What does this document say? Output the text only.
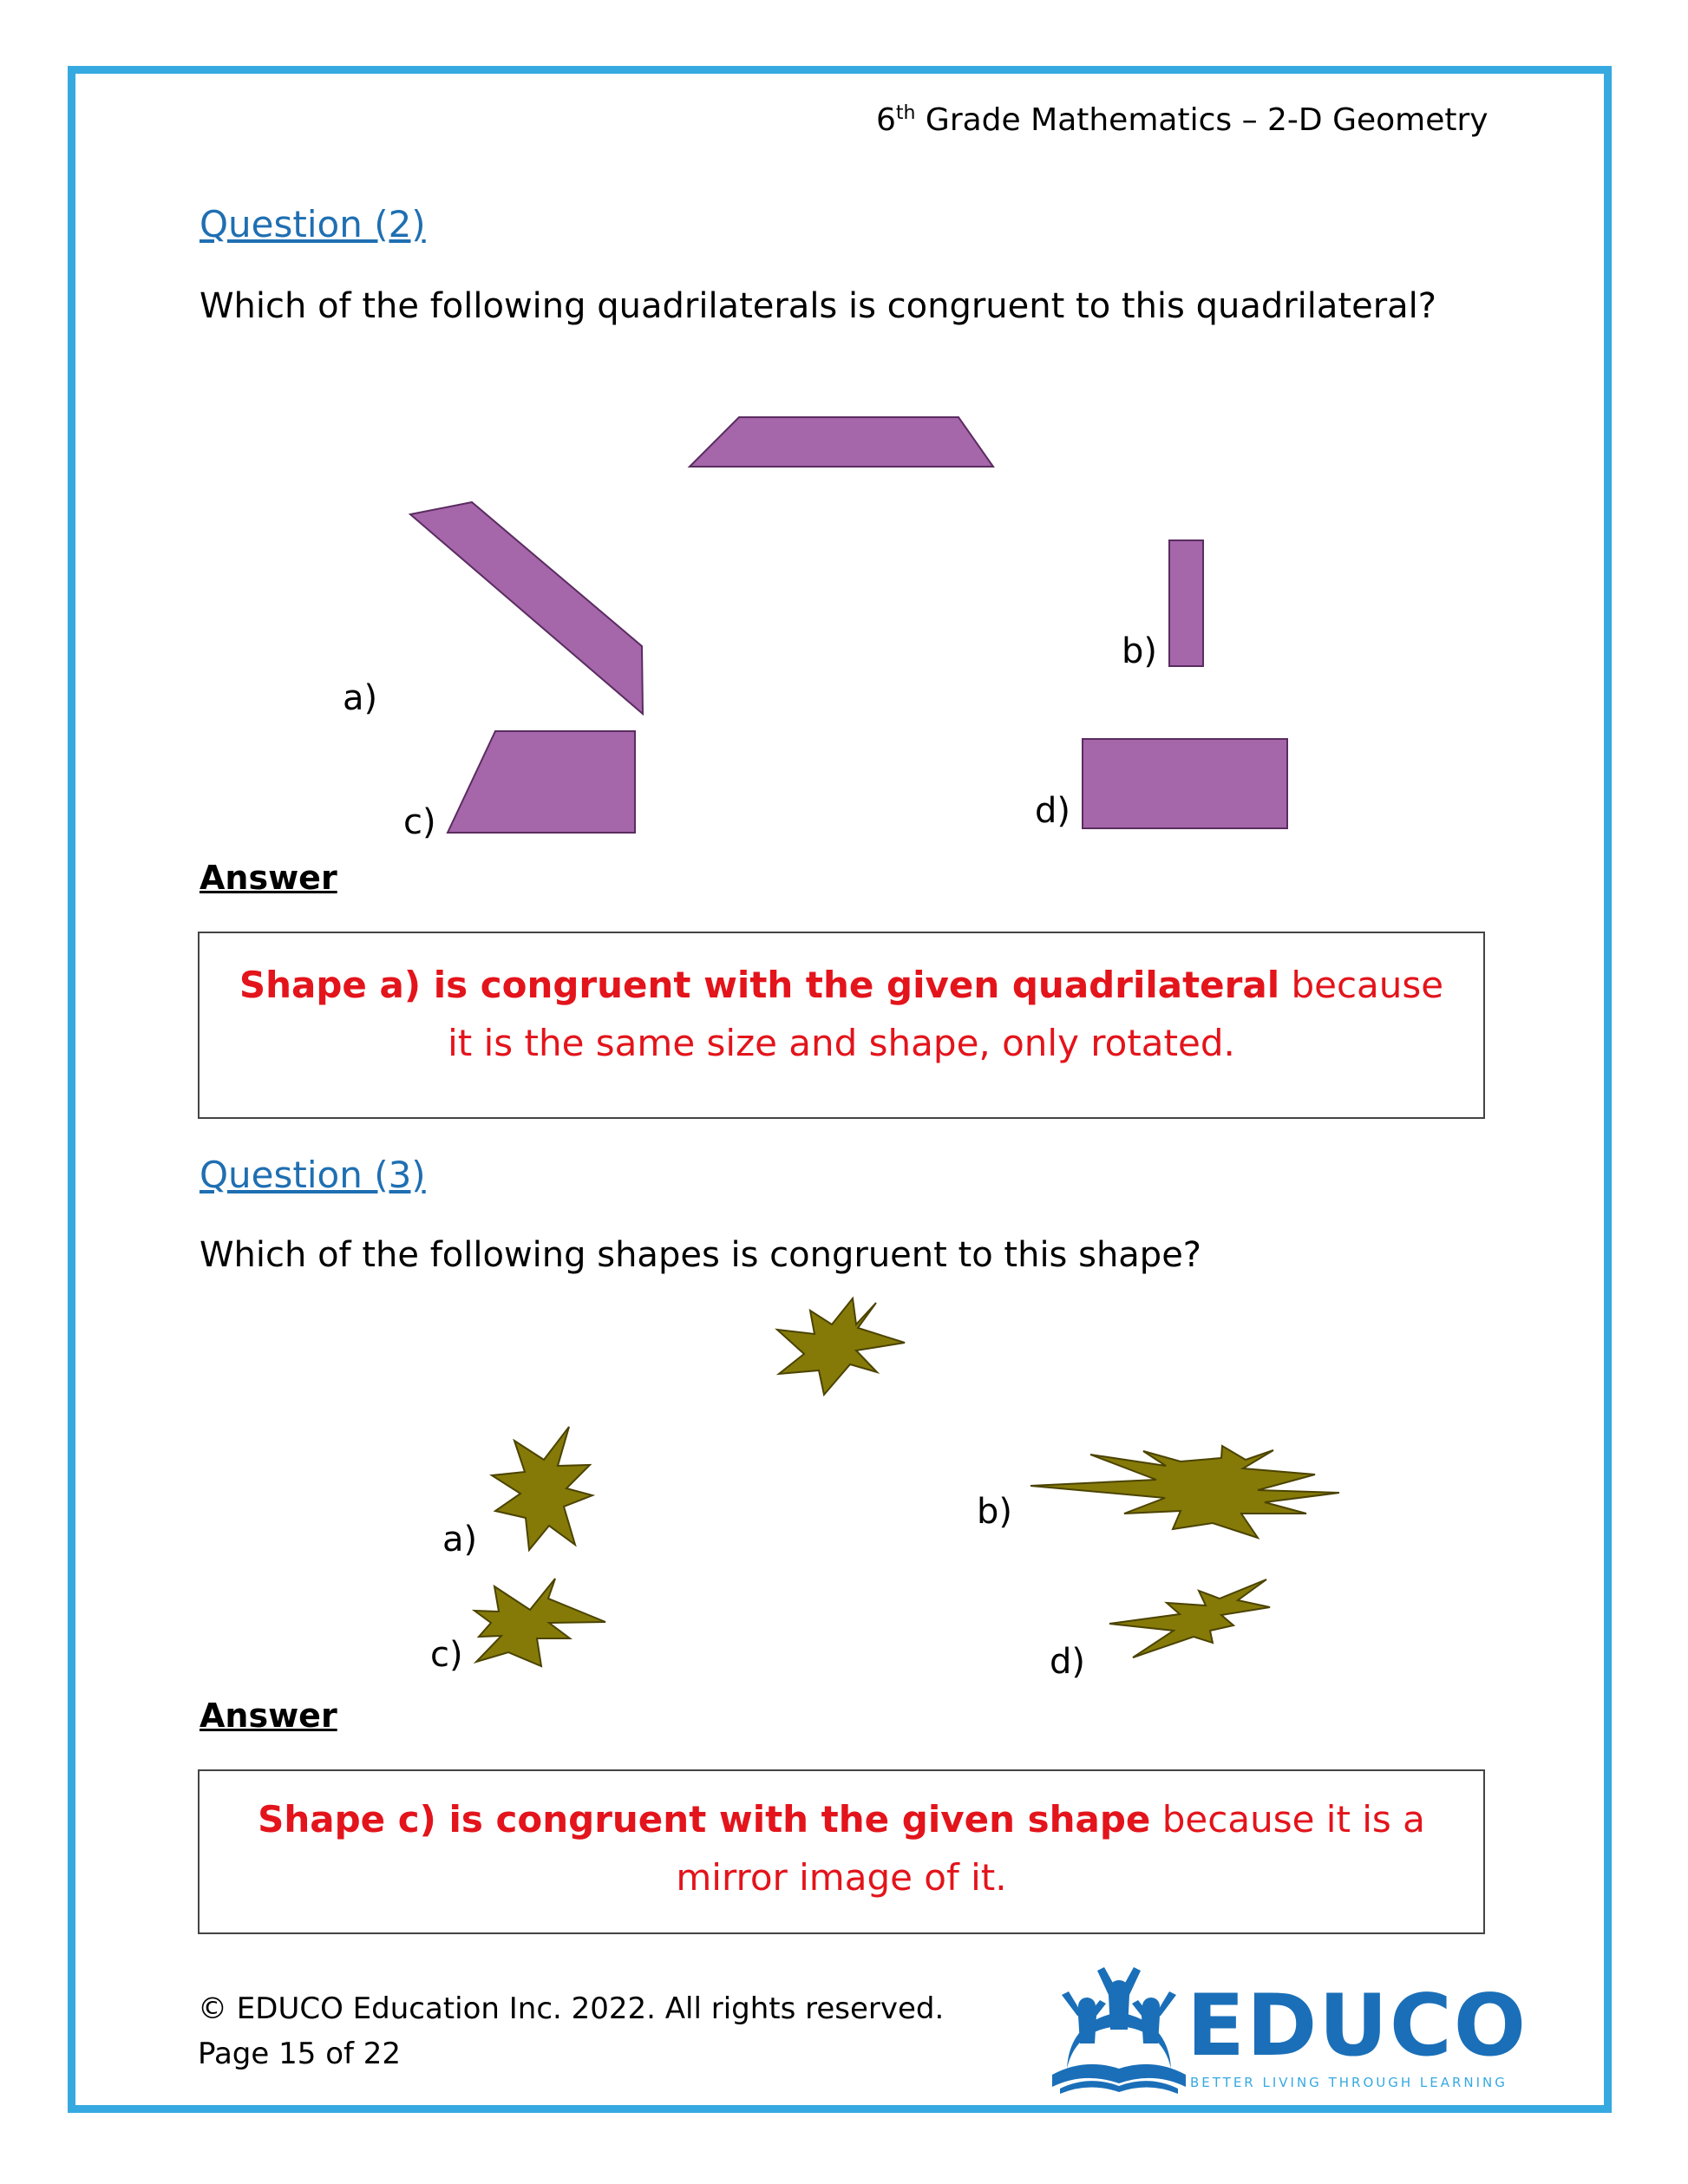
6th Grade Mathematics – 2-D Geometry
Question (2)
Which of the following quadrilaterals is congruent to this quadrilateral?
a)
b)
c)	d)
Answer
Shape a) is congruent with the given quadrilateral because it is the same size and shape, only rotated.
Question (3)
Which of the following shapes is congruent to this shape?
a)
b)
c)	d)
Answer
Shape c) is congruent with the given shape because it is a mirror image of it.
© EDUCO Education Inc. 2022. All rights reserved.
Page 15 of 22	EDUCO
BETTER LIVING THROUGH LEARNING
